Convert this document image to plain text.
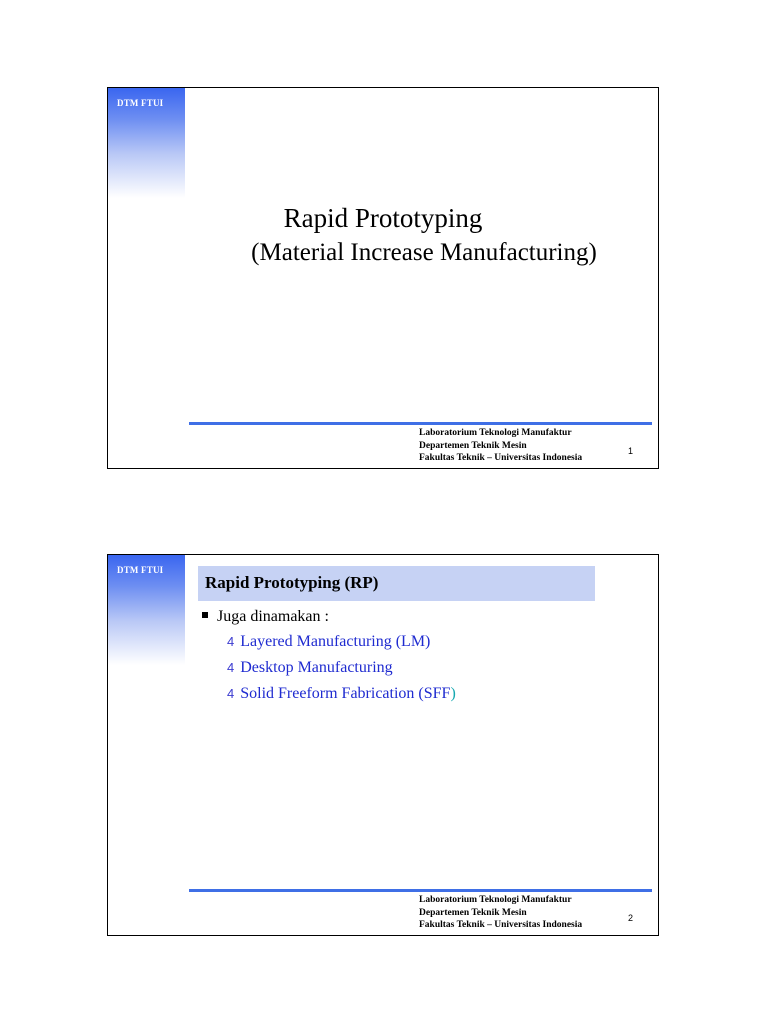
DTM FTUI
Rapid Prototyping
(Material Increase Manufacturing)
Laboratorium Teknologi Manufaktur
Departemen Teknik Mesin
Fakultas Teknik – Universitas Indonesia
1
DTM FTUI
Rapid Prototyping (RP)
Juga dinamakan :
4 Layered Manufacturing (LM)
4 Desktop Manufacturing
4 Solid Freeform Fabrication (SFF)
Laboratorium Teknologi Manufaktur
Departemen Teknik Mesin
Fakultas Teknik – Universitas Indonesia
2
